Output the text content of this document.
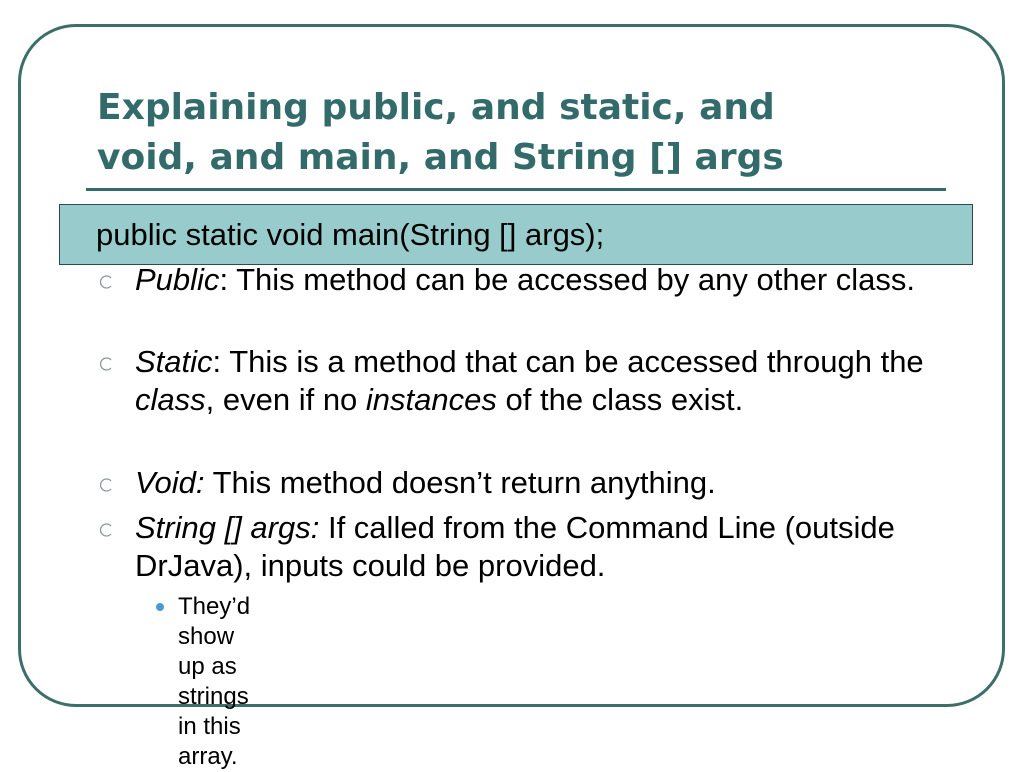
Explaining public, and static, and
void, and main, and String [] args
public static void main(String [] args);
Public: This method can be accessed by any other class.
Static: This is a method that can be accessed through the class, even if no instances of the class exist.
Void: This method doesn’t return anything.
String [] args: If called from the Command Line (outside DrJava), inputs could be provided.
They’d show up as strings in this array.
